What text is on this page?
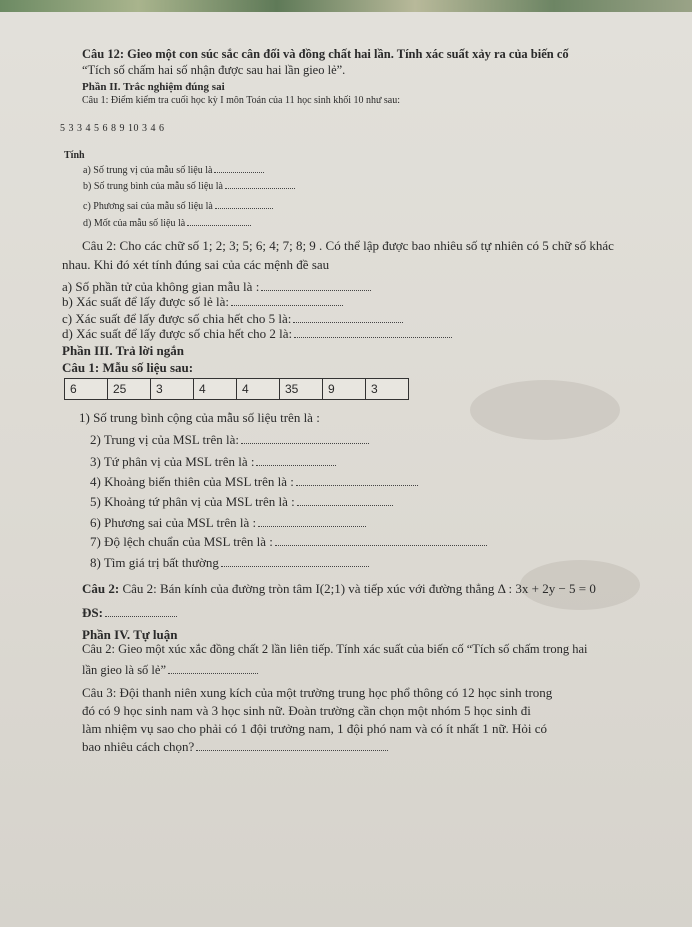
Câu 12: Gieo một con súc sắc cân đối và đồng chất hai lần. Tính xác suất xảy ra của biến cố
“Tích số chấm hai số nhận được sau hai lần gieo lẻ”.
Phần II. Trắc nghiệm đúng sai
Câu 1: Điểm kiểm tra cuối học kỳ I môn Toán của 11 học sinh khối 10 như sau:
5 3 3 4 5 6 8 9 10 3 4 6
Tính
a) Số trung vị của mẫu số liệu là
b) Số trung bình của mẫu số liệu là
c) Phương sai của mẫu số liệu là
d) Mốt của mẫu số liệu là
Câu 2: Cho các chữ số 1; 2; 3; 5; 6; 4; 7; 8; 9 . Có thể lập được bao nhiêu số tự nhiên có 5 chữ số khác
nhau. Khi đó xét tính đúng sai của các mệnh đề sau
a) Số phần tử của không gian mẫu là :
b) Xác suất để lấy được số lẻ là:
c) Xác suất để lấy được số chia hết cho 5 là:
d) Xác suất để lấy được số chia hết cho 2 là:
Phần III. Trả lời ngắn
Câu 1: Mẫu số liệu sau:
6	25	3	4	4	35	9	3
1) Số trung bình cộng của mẫu số liệu trên là :
2) Trung vị của MSL trên là:
3) Tứ phân vị của MSL trên là :
4) Khoảng biến thiên của MSL trên là :
5) Khoảng tứ phân vị của MSL trên là :
6) Phương sai của MSL trên là :
7) Độ lệch chuẩn của MSL trên là :
8) Tìm giá trị bất thường
Câu 2: Câu 2: Bán kính của đường tròn tâm I(2;1) và tiếp xúc với đường thẳng Δ : 3x + 2y − 5 = 0
ĐS:
Phần IV. Tự luận
Câu 2: Gieo một xúc xắc đồng chất 2 lần liên tiếp. Tính xác suất của biến cố “Tích số chấm trong hai
lần gieo là số lẻ”
Câu 3: Đội thanh niên xung kích của một trường trung học phổ thông có 12 học sinh trong
đó có 9 học sinh nam và 3 học sinh nữ. Đoàn trường cần chọn một nhóm 5 học sinh đi
làm nhiệm vụ sao cho phải có 1 đội trưởng nam, 1 đội phó nam và có ít nhất 1 nữ. Hỏi có
bao nhiêu cách chọn?
